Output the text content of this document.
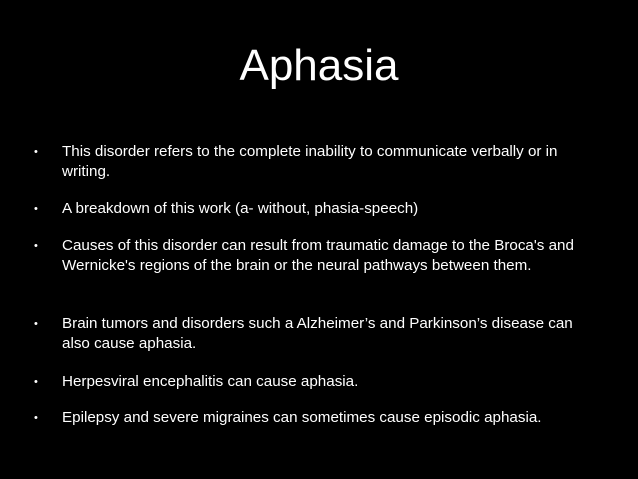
Aphasia
• This disorder refers to the complete inability to communicate verbally or in writing.
• A breakdown of this work (a- without, phasia-speech)
• Causes of this disorder can result from traumatic damage to the Broca's and Wernicke's regions of the brain or the neural pathways between them.
• Brain tumors and disorders such a Alzheimer’s and Parkinson’s disease can also cause aphasia.
• Herpesviral encephalitis can cause aphasia.
• Epilepsy and severe migraines can sometimes cause episodic aphasia.
